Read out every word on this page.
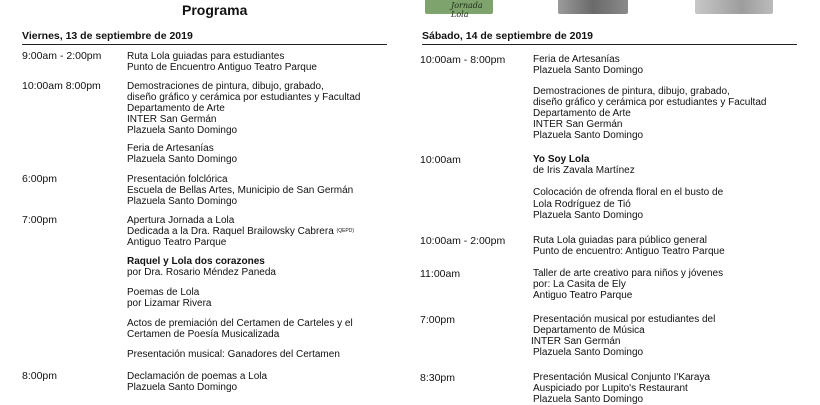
Programa	Jornada Lola
Viernes, 13 de septiembre de 2019
9:00am - 2:00pm	Ruta Lola guiadas para estudiantes
Punto de Encuentro Antiguo Teatro Parque
10:00am 8:00pm	Demostraciones de pintura, dibujo, grabado,
diseño gráfico y cerámica por estudiantes y Facultad
Departamento de Arte
INTER San Germán
Plazuela Santo Domingo
Feria de Artesanías
Plazuela Santo Domingo
6:00pm	Presentación folclórica
Escuela de Bellas Artes, Municipio de San Germán
Plazuela Santo Domingo
7:00pm	Apertura Jornada a Lola
Dedicada a la Dra. Raquel Brailowsky Cabrera (QEPD)
Antiguo Teatro Parque
Raquel y Lola dos corazones
por Dra. Rosario Méndez Paneda
Poemas de Lola
por Lizamar Rivera
Actos de premiación del Certamen de Carteles y el
Certamen de Poesía Musicalizada
Presentación musical: Ganadores del Certamen
8:00pm	Declamación de poemas a Lola
Plazuela Santo Domingo
Sábado, 14 de septiembre de 2019
10:00am - 8:00pm	Feria de Artesanías
Plazuela Santo Domingo
Demostraciones de pintura, dibujo, grabado,
diseño gráfico y cerámica por estudiantes y Facultad
Departamento de Arte
INTER San Germán
Plazuela Santo Domingo
10:00am	Yo Soy Lola
de Iris Zavala Martínez
Colocación de ofrenda floral en el busto de
Lola Rodríguez de Tió
Plazuela Santo Domingo
10:00am - 2:00pm	Ruta Lola guiadas para público general
Punto de encuentro: Antiguo Teatro Parque
11:00am	Taller de arte creativo para niños y jóvenes
por: La Casita de Ely
Antiguo Teatro Parque
7:00pm	Presentación musical por estudiantes del
Departamento de Música
INTER San Germán
Plazuela Santo Domingo
8:30pm	Presentación Musical Conjunto I'Karaya
Auspiciado por Lupito's Restaurant
Plazuela Santo Domingo
